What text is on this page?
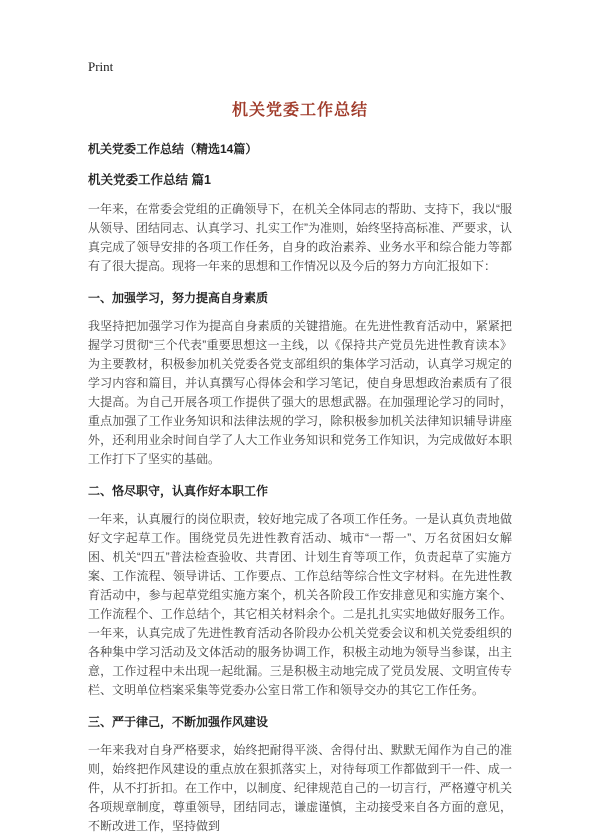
Print
机关党委工作总结
机关党委工作总结（精选14篇）
机关党委工作总结 篇1

一年来，在常委会党组的正确领导下，在机关全体同志的帮助、支持下，我以“服从领导、团结同志、认真学习、扎实工作”为准则，始终坚持高标准、严要求，认真完成了领导安排的各项工作任务，自身的政治素养、业务水平和综合能力等都有了很大提高。现将一年来的思想和工作情况以及今后的努力方向汇报如下：

一、加强学习，努力提高自身素质

我坚持把加强学习作为提高自身素质的关键措施。在先进性教育活动中，紧紧把握学习贯彻“三个代表”重要思想这一主线，以《保持共产党员先进性教育读本》为主要教材，积极参加机关党委各党支部组织的集体学习活动，认真学习规定的学习内容和篇目，并认真撰写心得体会和学习笔记，使自身思想政治素质有了很大提高。为自己开展各项工作提供了强大的思想武器。在加强理论学习的同时，重点加强了工作业务知识和法律法规的学习，除积极参加机关法律知识辅导讲座外，还利用业余时间自学了人大工作业务知识和党务工作知识，为完成做好本职工作打下了坚实的基础。

二、恪尽职守，认真作好本职工作

一年来，认真履行的岗位职责，较好地完成了各项工作任务。一是认真负责地做好文字起草工作。围绕党员先进性教育活动、城市“一帮一”、万名贫困妇女解困、机关“四五”普法检查验收、共青团、计划生育等项工作，负责起草了实施方案、工作流程、领导讲话、工作要点、工作总结等综合性文字材料。在先进性教育活动中，参与起草党组实施方案个，机关各阶段工作安排意见和实施方案个、工作流程个、工作总结个，其它相关材料余个。二是扎扎实实地做好服务工作。一年来，认真完成了先进性教育活动各阶段办公机关党委会议和机关党委组织的各种集中学习活动及文体活动的服务协调工作，积极主动地为领导当参谋，出主意，工作过程中未出现一起纰漏。三是积极主动地完成了党员发展、文明宣传专栏、文明单位档案采集等党委办公室日常工作和领导交办的其它工作任务。

三、严于律己，不断加强作风建设

一年来我对自身严格要求，始终把耐得平淡、舍得付出、默默无闻作为自己的准则，始终把作风建设的重点放在狠抓落实上，对待每项工作都做到干一件、成一件，从不打折扣。在工作中，以制度、纪律规范自己的一切言行，严格遵守机关各项规章制度，尊重领导，团结同志，谦虚谨慎，主动接受来自各方面的意见，不断改进工作，坚持做到
